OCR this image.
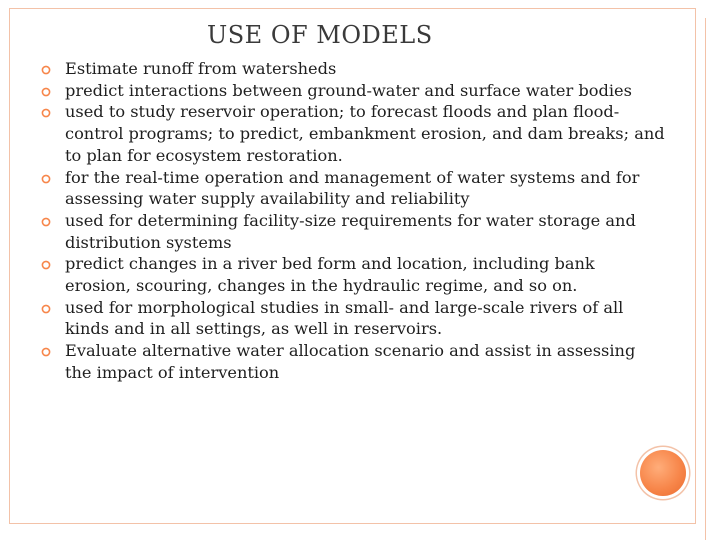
USE OF MODELS
Estimate runoff from watersheds
predict interactions between ground-water and surface water bodies
used to study reservoir operation; to forecast floods and plan flood-control programs; to predict, embankment erosion, and dam breaks; and to plan for ecosystem restoration.
for the real-time operation and management of water systems and for assessing water supply availability and reliability
used for determining facility-size requirements for water storage and distribution systems
predict changes in a river bed form and location, including bank erosion, scouring, changes in the hydraulic regime, and so on.
used for morphological studies in small- and large-scale rivers of all kinds and in all settings, as well in reservoirs.
Evaluate alternative water allocation scenario and assist in assessing the impact of intervention
